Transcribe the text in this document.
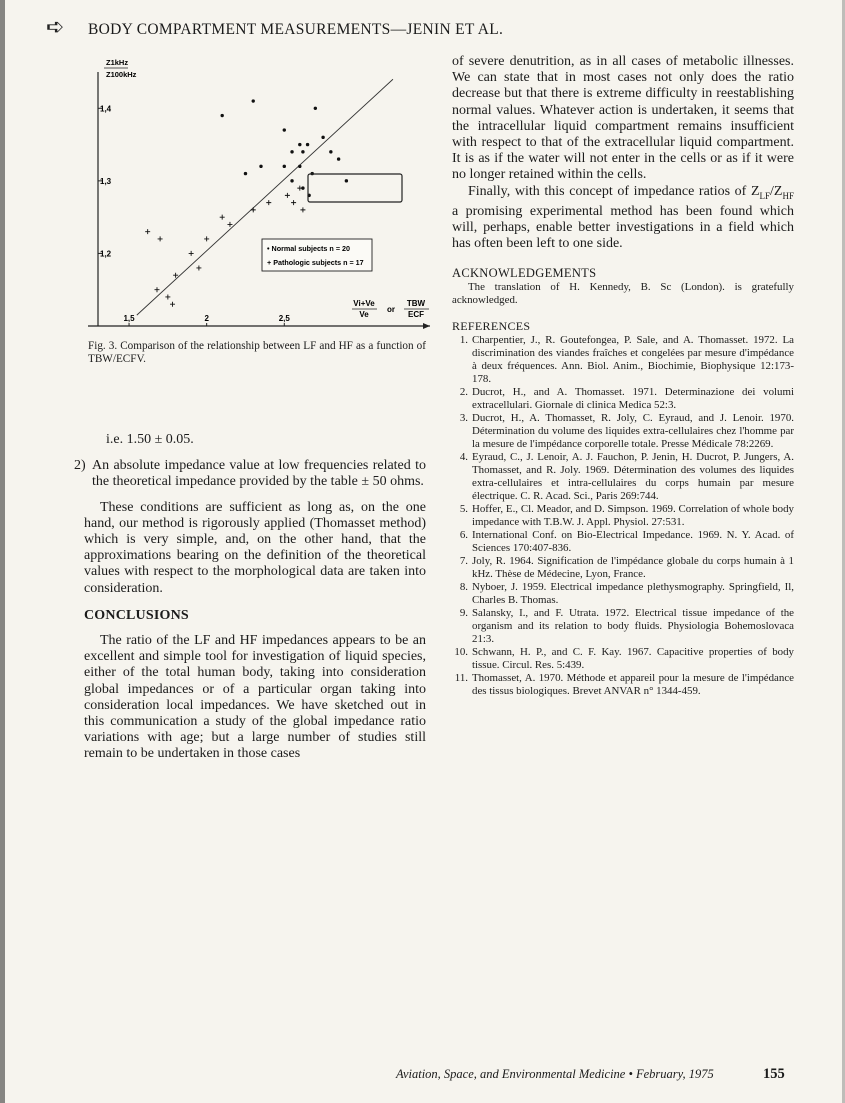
➪ BODY COMPARTMENT MEASUREMENTS—JENIN ET AL.
Z1kHz
Z100kHz
1,4
1,3
1,2
1,5	2	2,5
• Normal subjects n = 20
+ Pathologic subjects n = 17
Vi+Ve
Ve
or
TBW
ECF
Fig. 3. Comparison of the relationship between LF and HF as a function of TBW/ECFV.
i.e. 1.50 ± 0.05.
2) An absolute impedance value at low frequencies related to the theoretical impedance provided by the table ± 50 ohms.
These conditions are sufficient as long as, on the one hand, our method is rigorously applied (Thomasset method) which is very simple, and, on the other hand, that the approximations bearing on the definition of the theoretical values with respect to the morphological data are taken into consideration.
CONCLUSIONS
The ratio of the LF and HF impedances appears to be an excellent and simple tool for investigation of liquid species, either of the total human body, taking into consideration global impedances or of a particular organ taking into consideration local impedances. We have sketched out in this communication a study of the global impedance ratio variations with age; but a large number of studies still remain to be undertaken in those cases
of severe denutrition, as in all cases of metabolic illnesses. We can state that in most cases not only does the ratio decrease but that there is extreme difficulty in reestablishing normal values. Whatever action is undertaken, it seems that the intracellular liquid compartment remains insufficient with respect to that of the extracellular liquid compartment. It is as if the water will not enter in the cells or as if it were no longer retained within the cells.
Finally, with this concept of impedance ratios of $Z_{LF}/Z_{HF}$ a promising experimental method has been found which will, perhaps, enable better investigations in a field which has often been left to one side.
ACKNOWLEDGEMENTS
The translation of H. Kennedy, B. Sc (London). is gratefully acknowledged.
REFERENCES
1. Charpentier, J., R. Goutefongea, P. Sale, and A. Thomasset. 1972. La discrimination des viandes fraîches et congelées par mesure d'impédance à deux fréquences. Ann. Biol. Anim., Biochimie, Biophysique 12:173-178.
2. Ducrot, H., and A. Thomasset. 1971. Determinazione dei volumi extracellulari. Giornale di clinica Medica 52:3.
3. Ducrot, H., A. Thomasset, R. Joly, C. Eyraud, and J. Lenoir. 1970. Détermination du volume des liquides extra-cellulaires chez l'homme par la mesure de l'impédance corporelle totale. Presse Médicale 78:2269.
4. Eyraud, C., J. Lenoir, A. J. Fauchon, P. Jenin, H. Ducrot, P. Jungers, A. Thomasset, and R. Joly. 1969. Détermination des volumes des liquides extra-cellulaires et intra-cellulaires du corps humain par mesure électrique. C. R. Acad. Sci., Paris 269:744.
5. Hoffer, E., Cl. Meador, and D. Simpson. 1969. Correlation of whole body impedance with T.B.W. J. Appl. Physiol. 27:531.
6. International Conf. on Bio-Electrical Impedance. 1969. N. Y. Acad. of Sciences 170:407-836.
7. Joly, R. 1964. Signification de l'impédance globale du corps humain à 1 kHz. Thèse de Médecine, Lyon, France.
8. Nyboer, J. 1959. Electrical impedance plethysmography. Springfield, Il, Charles B. Thomas.
9. Salansky, I., and F. Utrata. 1972. Electrical tissue impedance of the organism and its relation to body fluids. Physiologia Bohemoslovaca 21:3.
10. Schwann, H. P., and C. F. Kay. 1967. Capacitive properties of body tissue. Circul. Res. 5:439.
11. Thomasset, A. 1970. Méthode et appareil pour la mesure de l'impédance des tissus biologiques. Brevet ANVAR n° 1344-459.
Aviation, Space, and Environmental Medicine • February, 1975	155
